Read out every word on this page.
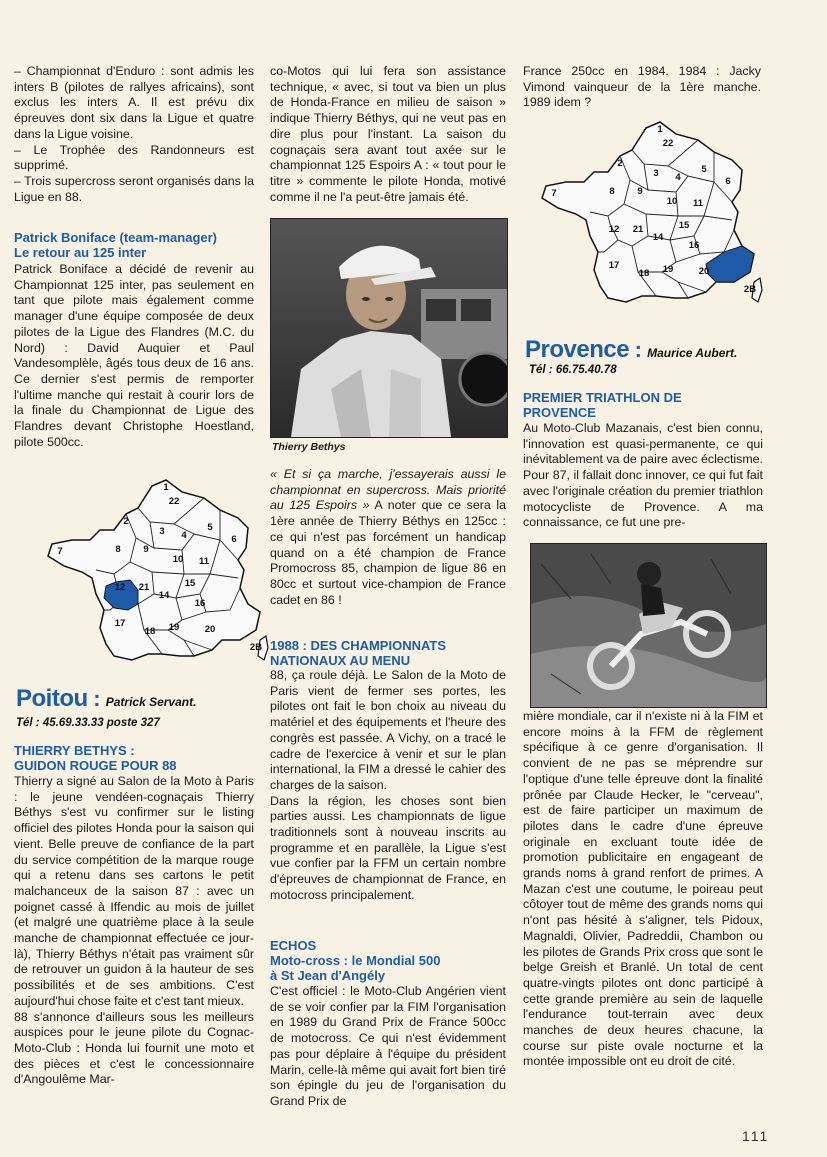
– Championnat d'Enduro : sont admis les inters B (pilotes de rallyes africains), sont exclus les inters A. Il est prévu dix épreuves dont six dans la Ligue et quatre dans la Ligue voisine.
– Le Trophée des Randonneurs est supprimé.
– Trois supercross seront organisés dans la Ligue en 88.

Patrick Boniface (team-manager)
Le retour au 125 inter

Patrick Boniface a décidé de revenir au Championnat 125 inter, pas seulement en tant que pilote mais également comme manager d'une équipe composée de deux pilotes de la Ligue des Flandres (M.C. du Nord) : David Auquier et Paul Vandesomplèle, âgés tous deux de 16 ans. Ce dernier s'est permis de remporter l'ultime manche qui restait à courir lors de la finale du Championnat de Ligue des Flandres devant Christophe Hoestland, pilote 500cc.

1
22
2
3 4
5
6
7	8 9
10 11
12 21
14
15
16
17
18 19	20
2B

Poitou : Patrick Servant.

Tél : 45.69.33.33 poste 327

THIERRY BETHYS :
GUIDON ROUGE POUR 88

Thierry a signé au Salon de la Moto à Paris : le jeune vendéen-cognaçais Thierry Béthys s'est vu confirmer sur le listing officiel des pilotes Honda pour la saison qui vient. Belle preuve de confiance de la part du service compétition de la marque rouge qui a retenu dans ses cartons le petit malchanceux de la saison 87 : avec un poignet cassé à Iffendic au mois de juillet (et malgré une quatrième place à la seule manche de championnat effectuée ce jour-là), Thierry Béthys n'était pas vraiment sûr de retrouver un guidon à la hauteur de ses possibilités et de ses ambitions. C'est aujourd'hui chose faite et c'est tant mieux.
88 s'annonce d'ailleurs sous les meilleurs auspices pour le jeune pilote du Cognac-Moto-Club : Honda lui fournit une moto et des pièces et c'est le concessionnaire d'Angoulême Mar-

co-Motos qui lui fera son assistance technique, « avec, si tout va bien un plus de Honda-France en milieu de saison » indique Thierry Béthys, qui ne veut pas en dire plus pour l'instant. La saison du cognaçais sera avant tout axée sur le championnat 125 Espoirs A : « tout pour le titre » commente le pilote Honda, motivé comme il ne l'a peut-être jamais été.

Thierry Bethys

« Et si ça marche, j'essayerais aussi le championnat en supercross. Mais priorité au 125 Espoirs » A noter que ce sera la 1ère année de Thierry Béthys en 125cc : ce qui n'est pas forcément un handicap quand on a été champion de France Promocross 85, champion de ligue 86 en 80cc et surtout vice-champion de France cadet en 86 !

1988 : DES CHAMPIONNATS
NATIONAUX AU MENU

88, ça roule déjà. Le Salon de la Moto de Paris vient de fermer ses portes, les pilotes ont fait le bon choix au niveau du matériel et des équipements et l'heure des congrès est passée. A Vichy, on a tracé le cadre de l'exercice à venir et sur le plan international, la FIM a dressé le cahier des charges de la saison.
Dans la région, les choses sont bien parties aussi. Les championnats de ligue traditionnels sont à nouveau inscrits au programme et en parallèle, la Ligue s'est vue confier par la FFM un certain nombre d'épreuves de championnat de France, en motocross principalement.

ECHOS

Moto-cross : le Mondial 500
à St Jean d'Angély

C'est officiel : le Moto-Club Angérien vient de se voir confier par la FIM l'organisation en 1989 du Grand Prix de France 500cc de motocross. Ce qui n'est évidemment pas pour déplaire à l'équipe du président Marin, celle-là même qui avait fort bien tiré son épingle du jeu de l'organisation du Grand Prix de

France 250cc en 1984. 1984 : Jacky Vimond vainqueur de la 1ère manche. 1989 idem ?

1
22
2
3 4
5
6
7	8 9
10 11
12 21
14
15
16
17
18 19	20
2B

Provence : Maurice Aubert.

Tél : 66.75.40.78

PREMIER TRIATHLON DE
PROVENCE

Au Moto-Club Mazanais, c'est bien connu, l'innovation est quasi-permanente, ce qui inévitablement va de paire avec éclectisme. Pour 87, il fallait donc innover, ce qui fut fait avec l'originale création du premier triathlon motocycliste de Provence. A ma connaissance, ce fut une pre-

mière mondiale, car il n'existe ni à la FIM et encore moins à la FFM de règlement spécifique à ce genre d'organisation. Il convient de ne pas se méprendre sur l'optique d'une telle épreuve dont la finalité prônée par Claude Hecker, le "cerveau", est de faire participer un maximum de pilotes dans le cadre d'une épreuve originale en excluant toute idée de promotion publicitaire en engageant de grands noms à grand renfort de primes. A Mazan c'est une coutume, le poireau peut côtoyer tout de même des grands noms qui n'ont pas hésité à s'aligner, tels Pidoux, Magnaldi, Olivier, Padreddii, Chambon ou les pilotes de Grands Prix cross que sont le belge Greish et Branlé. Un total de cent quatre-vingts pilotes ont donc participé à cette grande première au sein de laquelle l'endurance tout-terrain avec deux manches de deux heures chacune, la course sur piste ovale nocturne et la montée impossible ont eu droit de cité.

111
